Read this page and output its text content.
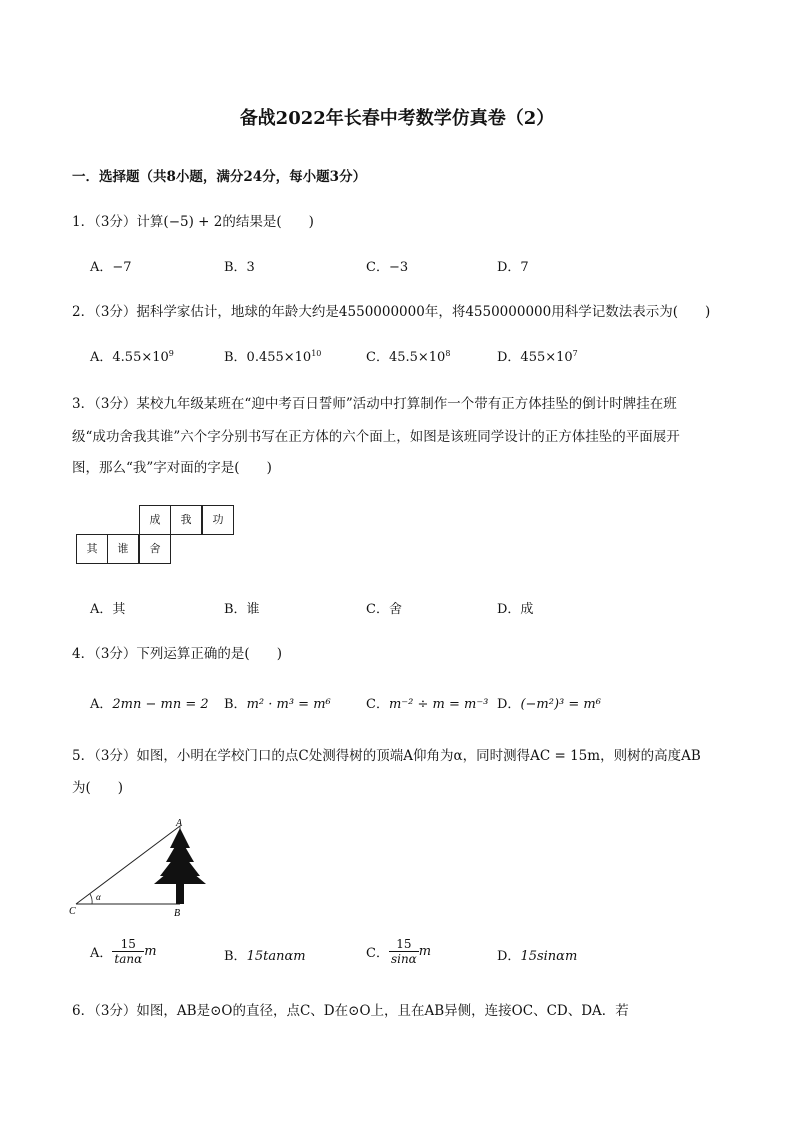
备战2022年长春中考数学仿真卷（2）
一．选择题（共8小题，满分24分，每小题3分）
1．（3分）计算(−5) + 2的结果是(　　)
A．−7	B．3	C．−3	D．7
2．（3分）据科学家估计，地球的年龄大约是4550000000年，将4550000000用科学记数法表示为(　　)
A．$4.55\times 10^9$	B．$0.455\times 10^{10}$	C．$45.5\times 10^8$	D．$455\times 10^7$
3．（3分）某校九年级某班在“迎中考百日誓师”活动中打算制作一个带有正方体挂坠的倒计时牌挂在班
级“成功舍我其谁”六个字分别书写在正方体的六个面上，如图是该班同学设计的正方体挂坠的平面展开
图，那么“我”字对面的字是(　　)
成	我	功
其	谁	舍
A．其	B．谁	C．舍	D．成
4．（3分）下列运算正确的是(　　)
A．2mn − mn = 2 B．m² · m³ = m⁶	C．m⁻² ÷ m = m⁻³ D．(−m²)³ = m⁶
5．（3分）如图，小明在学校门口的点C处测得树的顶端A仰角为α，同时测得AC = 15m，则树的高度AB
为(　　)
A
B
C
α
A． $\frac{15}{\tan\alpha}$ m	B．15tanαm	C． $\frac{15}{\sin\alpha}$ m	D．15sinαm
6．（3分）如图，AB是⊙O的直径，点C、D在⊙O上，且在AB异侧，连接OC、CD、DA．若
